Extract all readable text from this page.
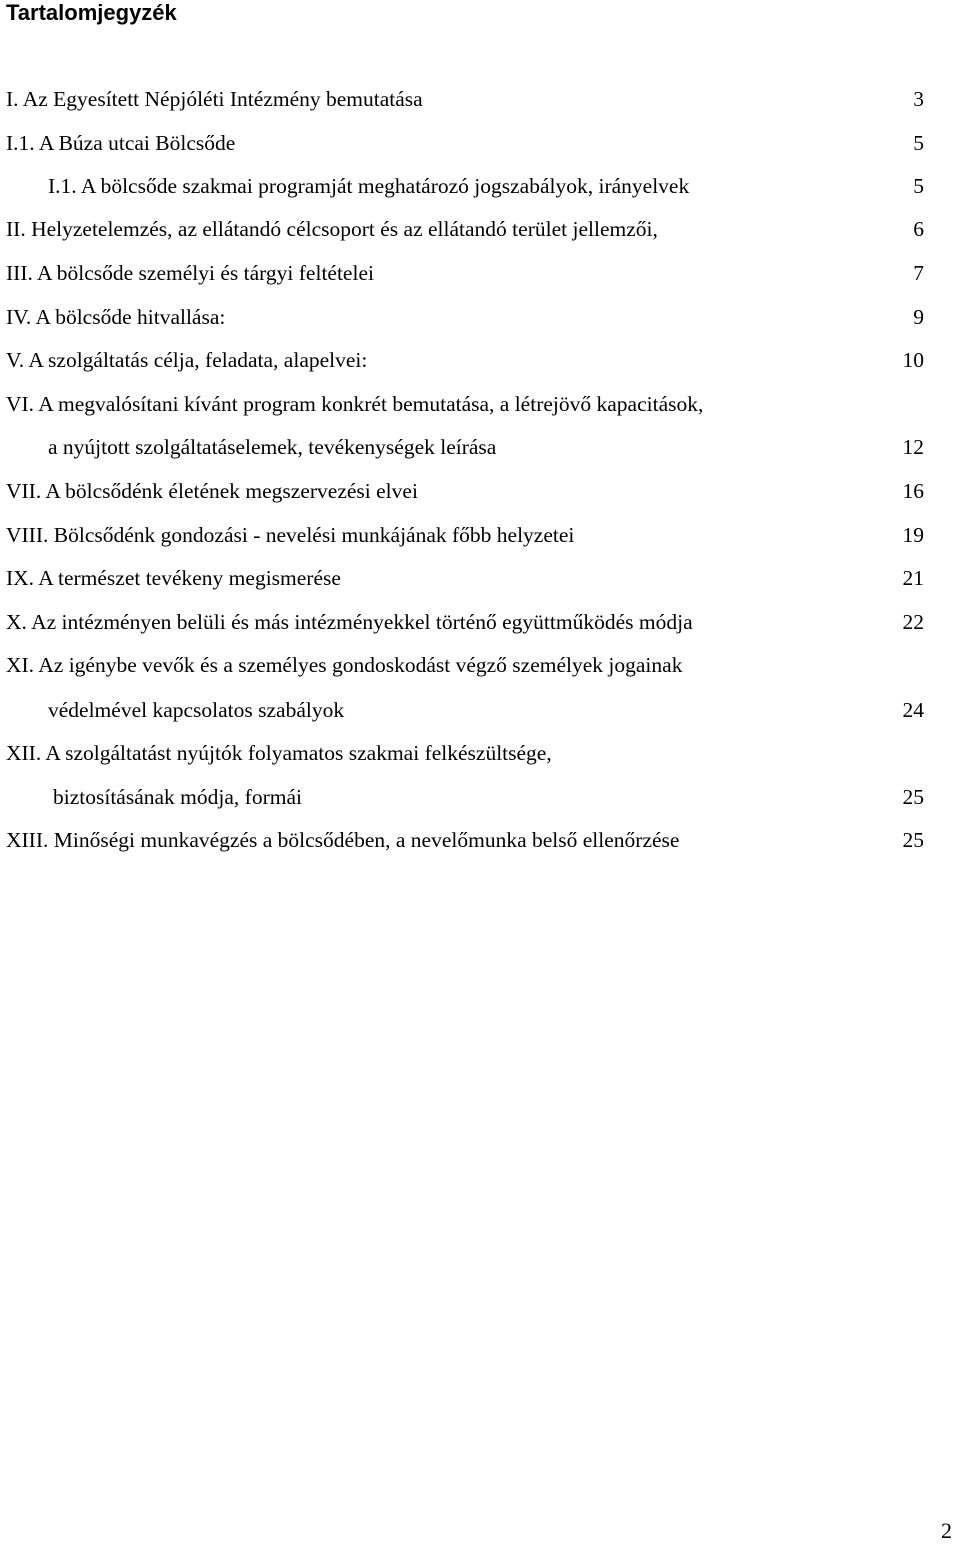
Tartalomjegyzék
I. Az Egyesített Népjóléti Intézmény bemutatása	3
I.1. A Búza utcai Bölcsőde	5
I.1. A bölcsőde szakmai programját meghatározó jogszabályok, irányelvek	5
II. Helyzetelemzés, az ellátandó célcsoport és az ellátandó terület jellemzői,	6
III. A bölcsőde személyi és tárgyi feltételei	7
IV. A bölcsőde hitvallása:	9
V. A szolgáltatás célja, feladata, alapelvei:	10
VI. A megvalósítani kívánt program konkrét bemutatása, a létrejövő kapacitások,
a nyújtott szolgáltatáselemek, tevékenységek leírása	12
VII. A bölcsődénk életének megszervezési elvei	16
VIII. Bölcsődénk gondozási - nevelési munkájának főbb helyzetei	19
IX. A természet tevékeny megismerése	21
X. Az intézményen belüli és más intézményekkel történő együttműködés módja	22
XI. Az igénybe vevők és a személyes gondoskodást végző személyek jogainak
védelmével kapcsolatos szabályok	24
XII. A szolgáltatást nyújtók folyamatos szakmai felkészültsége,
biztosításának módja, formái	25
XIII. Minőségi munkavégzés a bölcsődében, a nevelőmunka belső ellenőrzése	25
2
